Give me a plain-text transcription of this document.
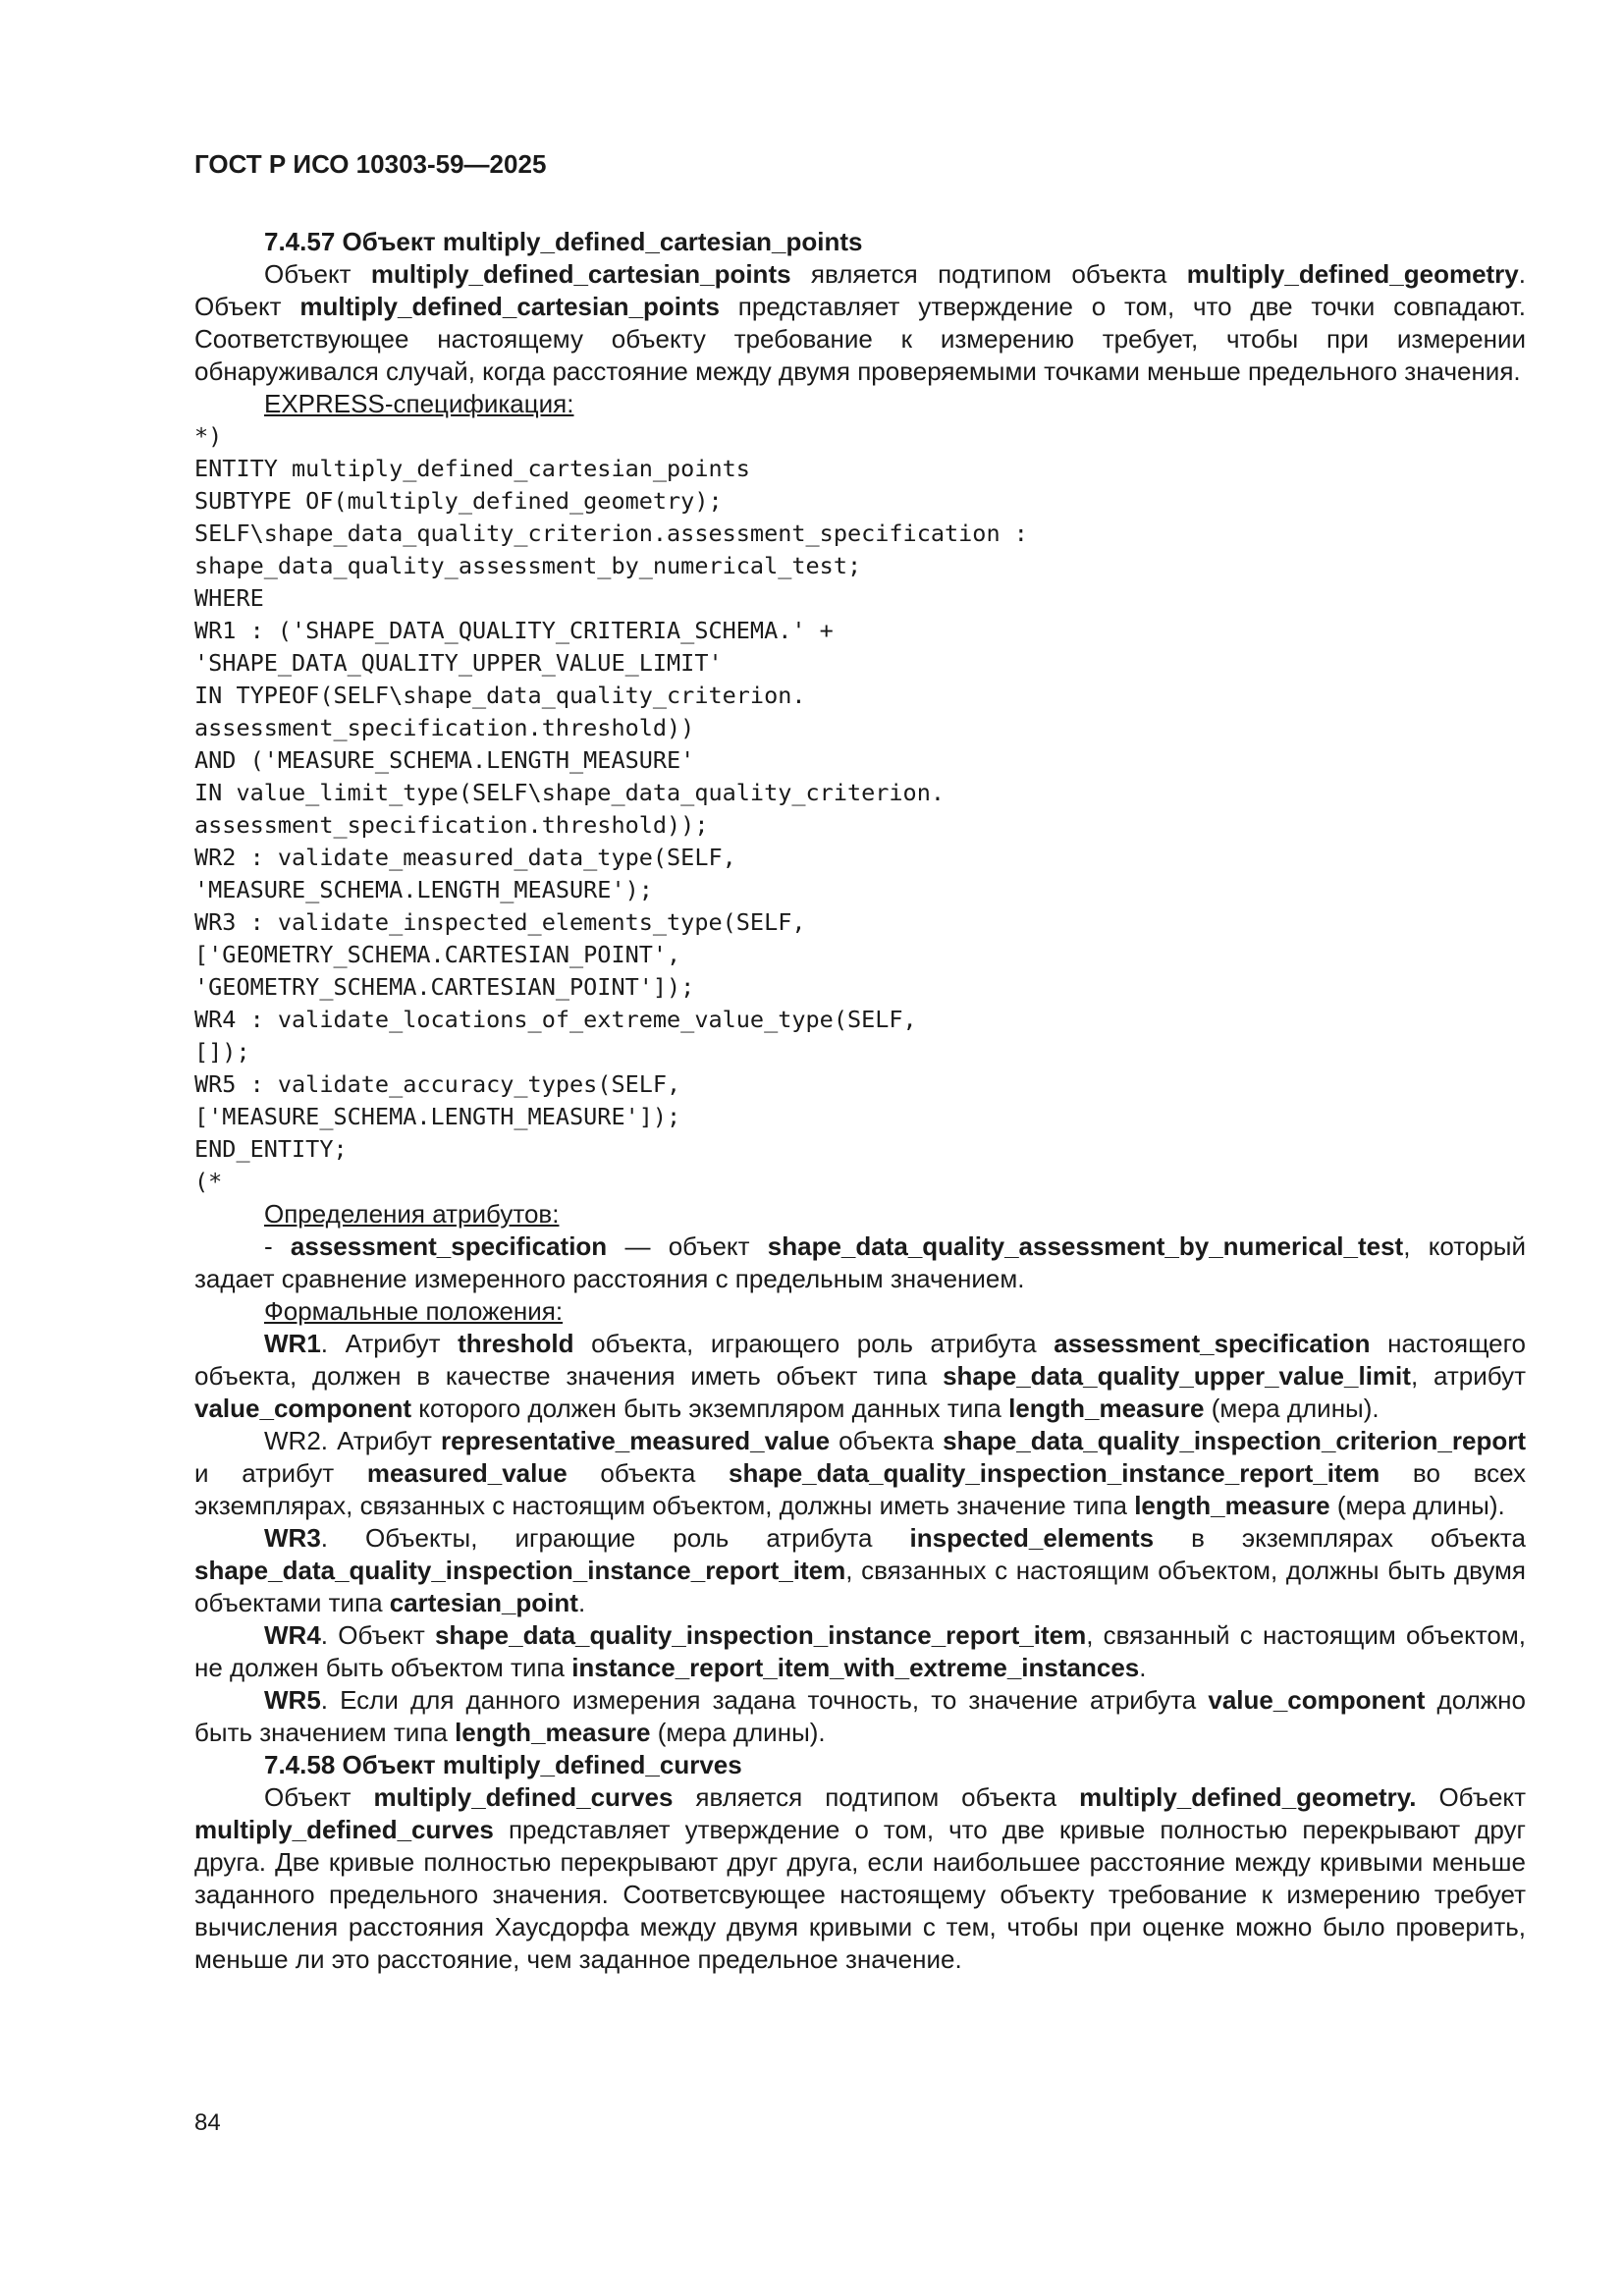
ГОСТ Р ИСО 10303-59—2025

7.4.57 Объект multiply_defined_cartesian_points

Объект multiply_defined_cartesian_points является подтипом объекта multiply_defined_geometry. Объект multiply_defined_cartesian_points представляет утверждение о том, что две точки совпадают. Соответствующее настоящему объекту требование к измерению требует, чтобы при измерении обнаруживался случай, когда расстояние между двумя проверяемыми точками меньше предельного значения.

EXPRESS-спецификация:

*)
ENTITY multiply_defined_cartesian_points
SUBTYPE OF(multiply_defined_geometry);
SELF\shape_data_quality_criterion.assessment_specification :
shape_data_quality_assessment_by_numerical_test;
WHERE
WR1 : ('SHAPE_DATA_QUALITY_CRITERIA_SCHEMA.' +
'SHAPE_DATA_QUALITY_UPPER_VALUE_LIMIT'
IN TYPEOF(SELF\shape_data_quality_criterion.
assessment_specification.threshold))
AND ('MEASURE_SCHEMA.LENGTH_MEASURE'
IN value_limit_type(SELF\shape_data_quality_criterion.
assessment_specification.threshold));
WR2 : validate_measured_data_type(SELF,
'MEASURE_SCHEMA.LENGTH_MEASURE');
WR3 : validate_inspected_elements_type(SELF,
['GEOMETRY_SCHEMA.CARTESIAN_POINT',
'GEOMETRY_SCHEMA.CARTESIAN_POINT']);
WR4 : validate_locations_of_extreme_value_type(SELF,
[]);
WR5 : validate_accuracy_types(SELF,
['MEASURE_SCHEMA.LENGTH_MEASURE']);
END_ENTITY;
(*

Определения атрибутов:

- assessment_specification — объект shape_data_quality_assessment_by_numerical_test, который задает сравнение измеренного расстояния с предельным значением.

Формальные положения:

WR1. Атрибут threshold объекта, играющего роль атрибута assessment_specification настоящего объекта, должен в качестве значения иметь объект типа shape_data_quality_upper_value_limit, атрибут value_component которого должен быть экземпляром данных типа length_measure (мера длины).

WR2. Атрибут representative_measured_value объекта shape_data_quality_inspection_criterion_report и атрибут measured_value объекта shape_data_quality_inspection_instance_report_item во всех экземплярах, связанных с настоящим объектом, должны иметь значение типа length_measure (мера длины).

WR3. Объекты, играющие роль атрибута inspected_elements в экземплярах объекта shape_data_quality_inspection_instance_report_item, связанных с настоящим объектом, должны быть двумя объектами типа cartesian_point.

WR4. Объект shape_data_quality_inspection_instance_report_item, связанный с настоящим объектом, не должен быть объектом типа instance_report_item_with_extreme_instances.

WR5. Если для данного измерения задана точность, то значение атрибута value_component должно быть значением типа length_measure (мера длины).

7.4.58 Объект multiply_defined_curves

Объект multiply_defined_curves является подтипом объекта multiply_defined_geometry. Объект multiply_defined_curves представляет утверждение о том, что две кривые полностью перекрывают друг друга. Две кривые полностью перекрывают друг друга, если наибольшее расстояние между кривыми меньше заданного предельного значения. Соответсвующее настоящему объекту требование к измерению требует вычисления расстояния Хаусдорфа между двумя кривыми с тем, чтобы при оценке можно было проверить, меньше ли это расстояние, чем заданное предельное значение.

84
